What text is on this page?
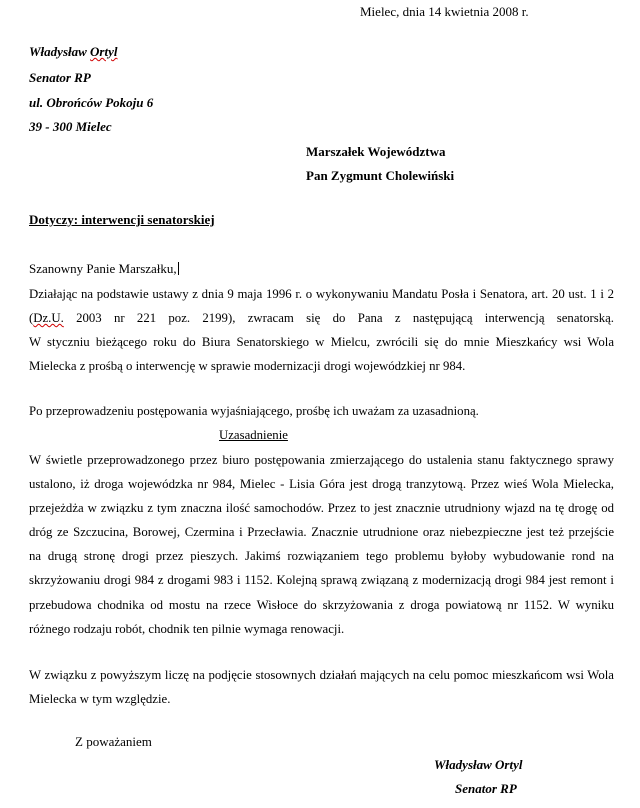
Mielec, dnia 14 kwietnia 2008 r.
Władysław Ortyl
Senator RP
ul. Obrońców Pokoju 6
39 - 300 Mielec
Marszałek Województwa
Pan Zygmunt Cholewiński
Dotyczy: interwencji senatorskiej
Szanowny Panie Marszałku,
Działając na podstawie ustawy z dnia 9 maja 1996 r. o wykonywaniu Mandatu Posła i Senatora, art. 20 ust. 1 i 2
(Dz.U. 2003 nr 221 poz. 2199), zwracam się do Pana z następującą interwencją senatorską.
W styczniu bieżącego roku do Biura Senatorskiego w Mielcu, zwrócili się do mnie Mieszkańcy wsi Wola
Mielecka z prośbą o interwencję w sprawie modernizacji drogi wojewódzkiej nr 984.
Po przeprowadzeniu postępowania wyjaśniającego, prośbę ich uważam za uzasadnioną.
Uzasadnienie
W świetle przeprowadzonego przez biuro postępowania zmierzającego do ustalenia stanu faktycznego sprawy
ustalono, iż droga wojewódzka nr 984, Mielec - Lisia Góra jest drogą tranzytową. Przez wieś Wola Mielecka,
przejeżdża w związku z tym znaczna ilość samochodów. Przez to jest znacznie utrudniony wjazd na tę drogę od
dróg ze Szczucina, Borowej, Czermina i Przecławia. Znacznie utrudnione oraz niebezpieczne jest też przejście
na drugą stronę drogi przez pieszych. Jakimś rozwiązaniem tego problemu byłoby wybudowanie rond na
skrzyżowaniu drogi 984 z drogami 983 i 1152. Kolejną sprawą związaną z modernizacją drogi 984 jest remont i
przebudowa chodnika od mostu na rzece Wisłoce do skrzyżowania z droga powiatową nr 1152. W wyniku
różnego rodzaju robót, chodnik ten pilnie wymaga renowacji.
W związku z powyższym liczę na podjęcie stosownych działań mających na celu pomoc mieszkańcom wsi Wola
Mielecka w tym względzie.
Z poważaniem
Władysław Ortyl
Senator RP
